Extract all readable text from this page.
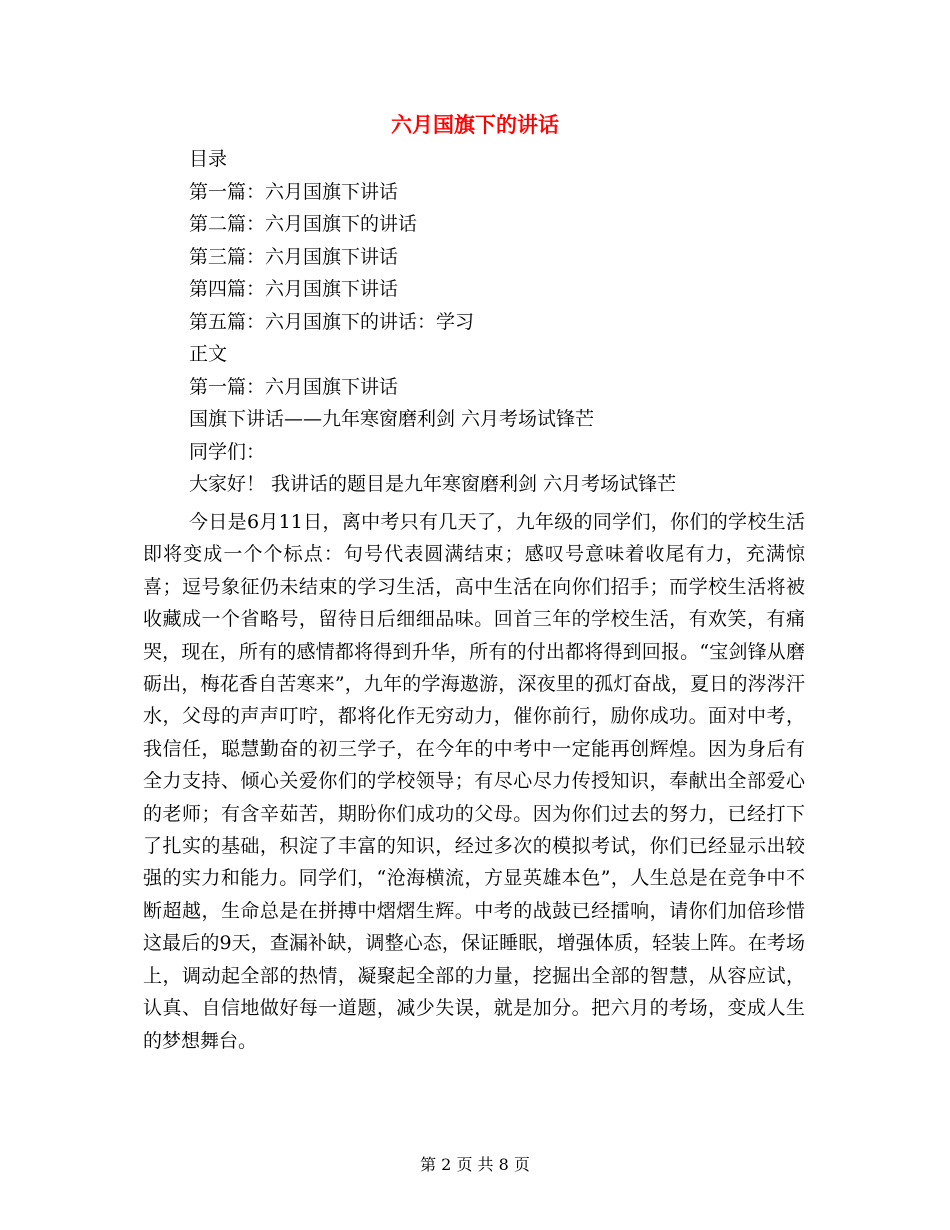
六月国旗下的讲话

目录

第一篇：六月国旗下讲话

第二篇：六月国旗下的讲话

第三篇：六月国旗下讲话

第四篇：六月国旗下讲话

第五篇：六月国旗下的讲话：学习

正文

第一篇：六月国旗下讲话

国旗下讲话——九年寒窗磨利剑 六月考场试锋芒

同学们：

大家好！ 我讲话的题目是九年寒窗磨利剑 六月考场试锋芒

今日是6月11日，离中考只有几天了，九年级的同学们，你们的学校生活即将变成一个个标点：句号代表圆满结束；感叹号意味着收尾有力，充满惊喜；逗号象征仍未结束的学习生活，高中生活在向你们招手；而学校生活将被收藏成一个省略号，留待日后细细品味。回首三年的学校生活，有欢笑，有痛哭，现在，所有的感情都将得到升华，所有的付出都将得到回报。“宝剑锋从磨砺出，梅花香自苦寒来”，九年的学海遨游，深夜里的孤灯奋战，夏日的涔涔汗水，父母的声声叮咛，都将化作无穷动力，催你前行，励你成功。面对中考，我信任，聪慧勤奋的初三学子，在今年的中考中一定能再创辉煌。因为身后有全力支持、倾心关爱你们的学校领导；有尽心尽力传授知识，奉献出全部爱心的老师；有含辛茹苦，期盼你们成功的父母。因为你们过去的努力，已经打下了扎实的基础，积淀了丰富的知识，经过多次的模拟考试，你们已经显示出较强的实力和能力。同学们，“沧海横流，方显英雄本色”，人生总是在竞争中不断超越，生命总是在拼搏中熠熠生辉。中考的战鼓已经擂响，请你们加倍珍惜这最后的9天，查漏补缺，调整心态，保证睡眠，增强体质，轻装上阵。在考场上，调动起全部的热情，凝聚起全部的力量，挖掘出全部的智慧，从容应试，认真、自信地做好每一道题，减少失误，就是加分。把六月的考场，变成人生的梦想舞台。

第 2 页 共 8 页
